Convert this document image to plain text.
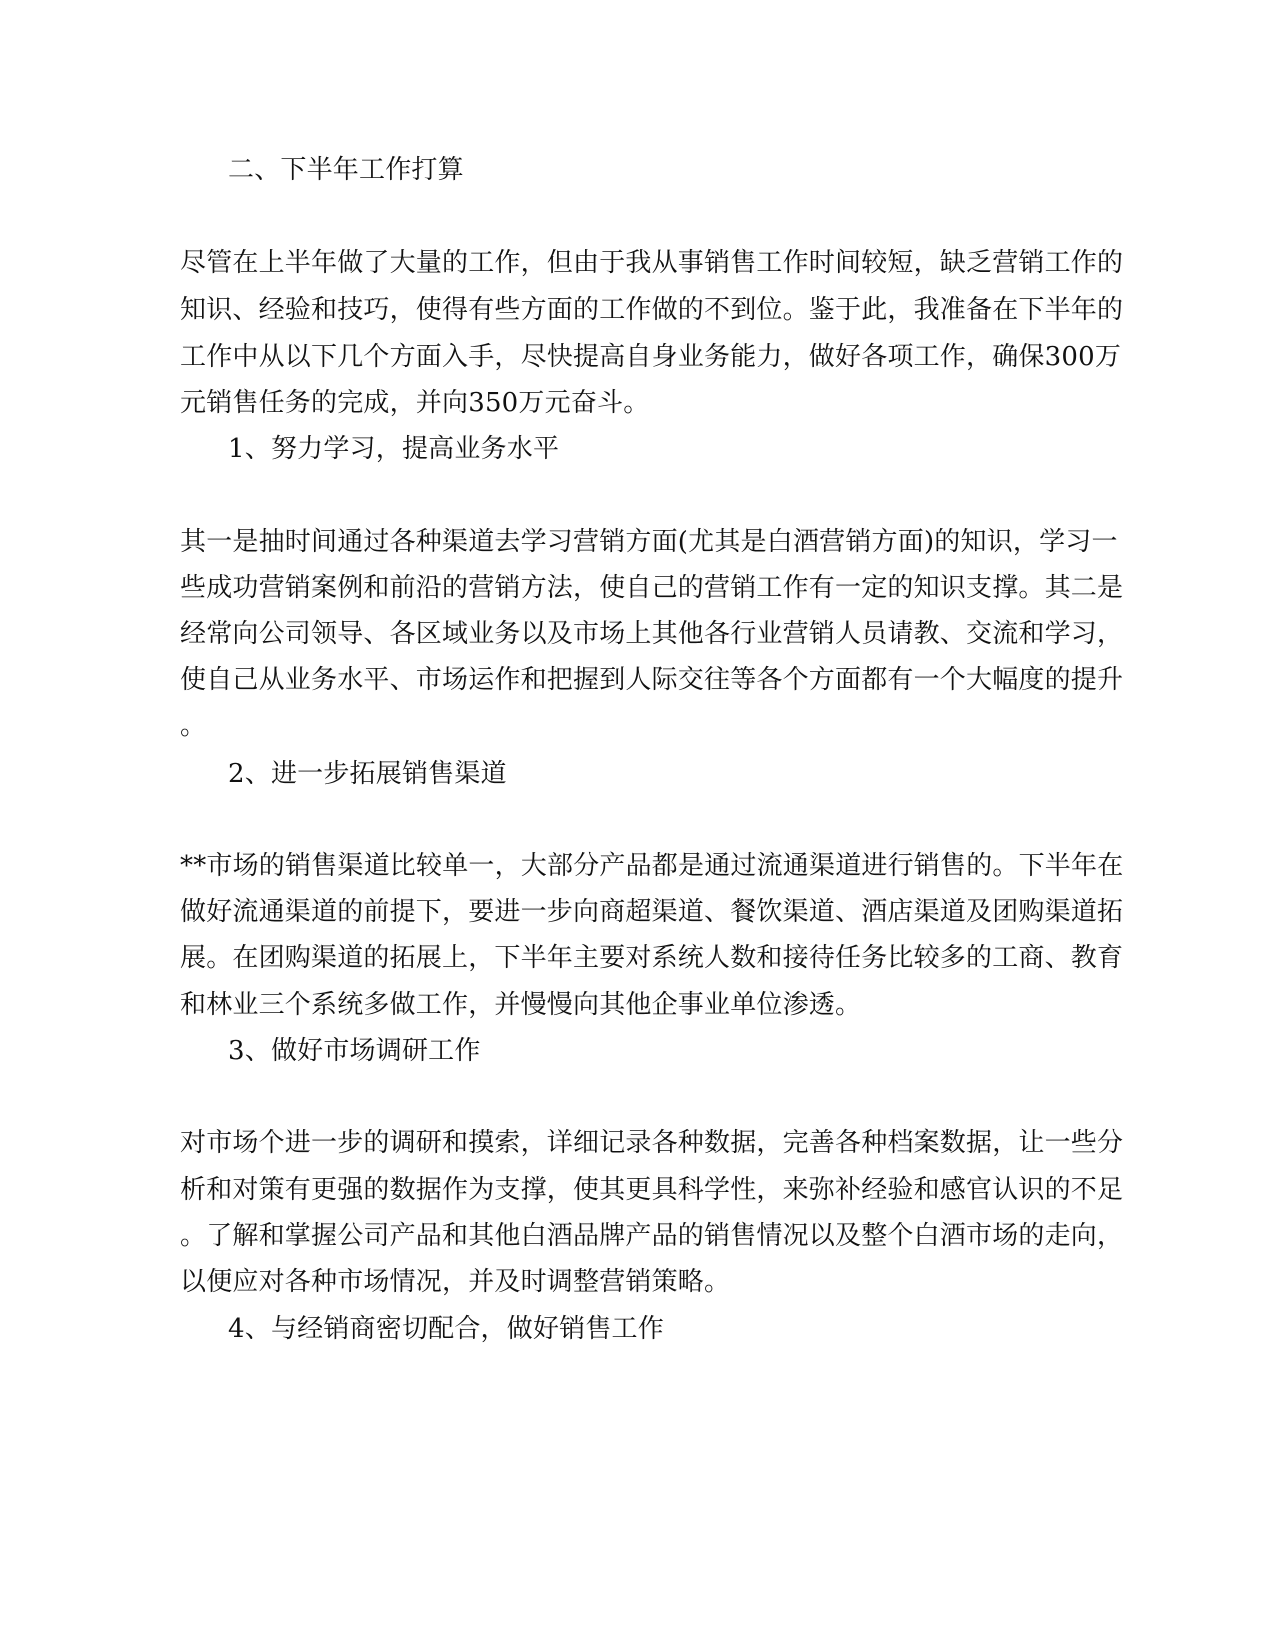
二、下半年工作打算
尽管在上半年做了大量的工作，但由于我从事销售工作时间较短，缺乏营销工作的
知识、经验和技巧，使得有些方面的工作做的不到位。鉴于此，我准备在下半年的
工作中从以下几个方面入手，尽快提高自身业务能力，做好各项工作，确保300万
元销售任务的完成，并向350万元奋斗。
1、努力学习，提高业务水平
其一是抽时间通过各种渠道去学习营销方面(尤其是白酒营销方面)的知识，学习一
些成功营销案例和前沿的营销方法，使自己的营销工作有一定的知识支撑。其二是
经常向公司领导、各区域业务以及市场上其他各行业营销人员请教、交流和学习，
使自己从业务水平、市场运作和把握到人际交往等各个方面都有一个大幅度的提升
。
2、进一步拓展销售渠道
**市场的销售渠道比较单一，大部分产品都是通过流通渠道进行销售的。下半年在
做好流通渠道的前提下，要进一步向商超渠道、餐饮渠道、酒店渠道及团购渠道拓
展。在团购渠道的拓展上，下半年主要对系统人数和接待任务比较多的工商、教育
和林业三个系统多做工作，并慢慢向其他企事业单位渗透。
3、做好市场调研工作
对市场个进一步的调研和摸索，详细记录各种数据，完善各种档案数据，让一些分
析和对策有更强的数据作为支撑，使其更具科学性，来弥补经验和感官认识的不足
。了解和掌握公司产品和其他白酒品牌产品的销售情况以及整个白酒市场的走向，
以便应对各种市场情况，并及时调整营销策略。
4、与经销商密切配合，做好销售工作
